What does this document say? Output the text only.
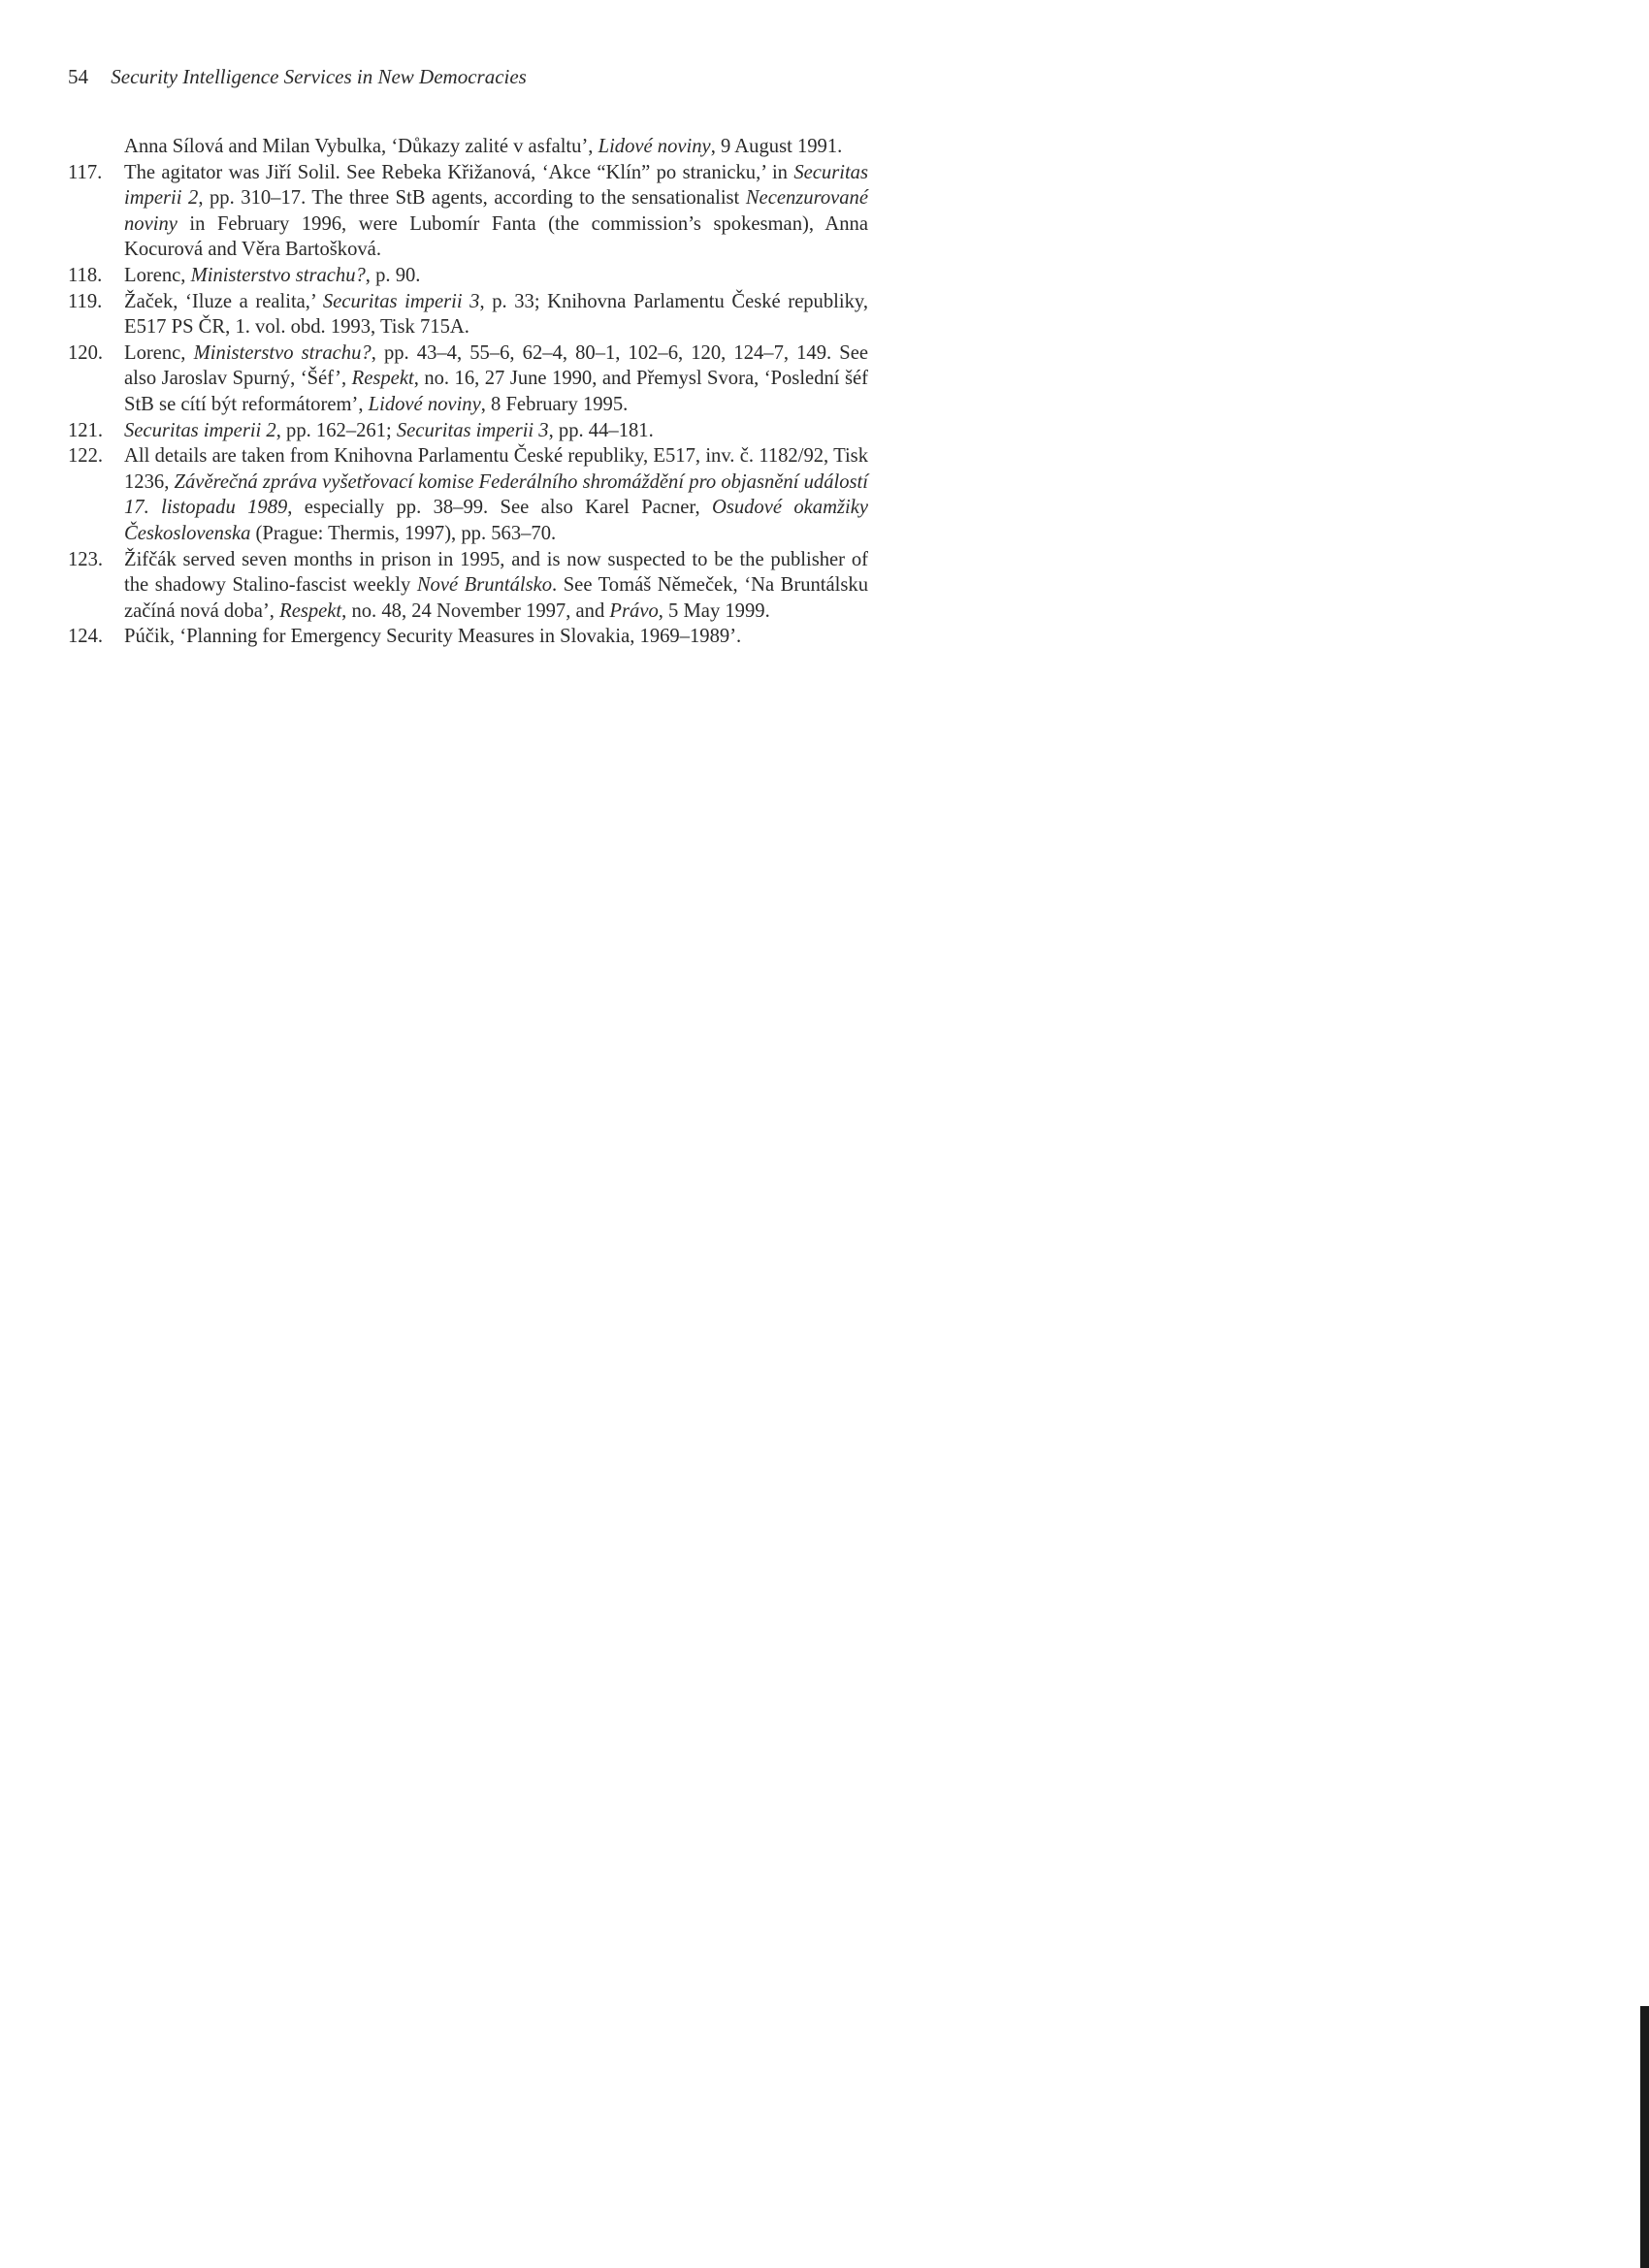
54 Security Intelligence Services in New Democracies
Anna Sílová and Milan Vybulka, ‘Důkazy zalité v asfaltu’, Lidové noviny, 9 August 1991.
117. The agitator was Jiří Solil. See Rebeka Křižanová, ‘Akce “Klín” po stranicku,’ in Securitas imperii 2, pp. 310–17. The three StB agents, according to the sensationalist Necenzurované noviny in February 1996, were Lubomír Fanta (the commission’s spokesman), Anna Kocurová and Věra Bartošková.
118. Lorenc, Ministerstvo strachu?, p. 90.
119. Žaček, ‘Iluze a realita,’ Securitas imperii 3, p. 33; Knihovna Parlamentu České republiky, E517 PS ČR, 1. vol. obd. 1993, Tisk 715A.
120. Lorenc, Ministerstvo strachu?, pp. 43–4, 55–6, 62–4, 80–1, 102–6, 120, 124–7, 149. See also Jaroslav Spurný, ‘Šéf’, Respekt, no. 16, 27 June 1990, and Přemysl Svora, ‘Poslední šéf StB se cítí být reformátorem’, Lidové noviny, 8 February 1995.
121. Securitas imperii 2, pp. 162–261; Securitas imperii 3, pp. 44–181.
122. All details are taken from Knihovna Parlamentu České republiky, E517, inv. č. 1182/92, Tisk 1236, Závěrečná zpráva vyšetřovací komise Federálního shromáždění pro objasnění událostí 17. listopadu 1989, especially pp. 38–99. See also Karel Pacner, Osudové okamžiky Československa (Prague: Thermis, 1997), pp. 563–70.
123. Žifčák served seven months in prison in 1995, and is now suspected to be the publisher of the shadowy Stalino-fascist weekly Nové Bruntálsko. See Tomáš Němeček, ‘Na Bruntálsku začíná nová doba’, Respekt, no. 48, 24 November 1997, and Právo, 5 May 1999.
124. Púčik, ‘Planning for Emergency Security Measures in Slovakia, 1969–1989’.
